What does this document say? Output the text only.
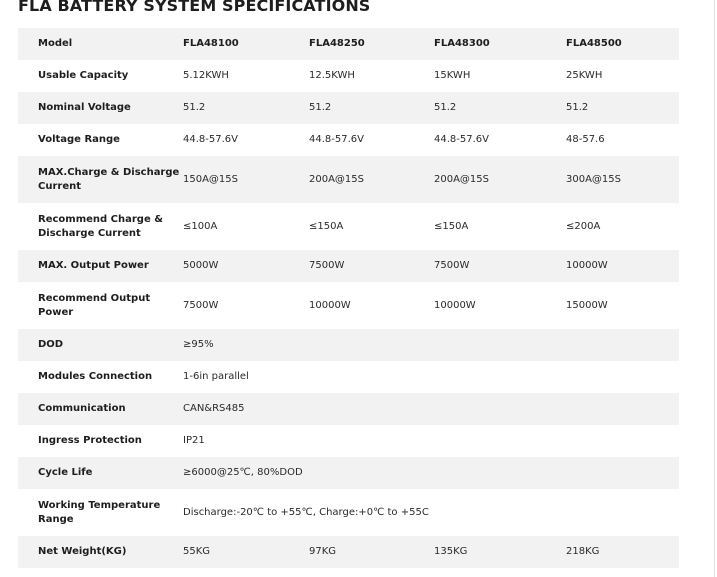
FLA BATTERY SYSTEM SPECIFICATIONS
Model	FLA48100	FLA48250	FLA48300	FLA48500
Usable Capacity	5.12KWH	12.5KWH	15KWH	25KWH
Nominal Voltage	51.2	51.2	51.2	51.2
Voltage Range	44.8-57.6V	44.8-57.6V	44.8-57.6V	48-57.6
MAX.Charge & Discharge Current	150A@15S	200A@15S	200A@15S	300A@15S
Recommend Charge & Discharge Current	≤100A	≤150A	≤150A	≤200A
MAX. Output Power	5000W	7500W	7500W	10000W
Recommend Output Power	7500W	10000W	10000W	15000W
DOD	≥95%			
Modules Connection	1-6in parallel			
Communication	CAN&RS485			
Ingress Protection	IP21			
Cycle Life	≥6000@25℃, 80%DOD			
Working Temperature Range	Discharge:-20℃ to +55℃, Charge:+0℃ to +55C			
Net Weight(KG)	55KG	97KG	135KG	218KG
